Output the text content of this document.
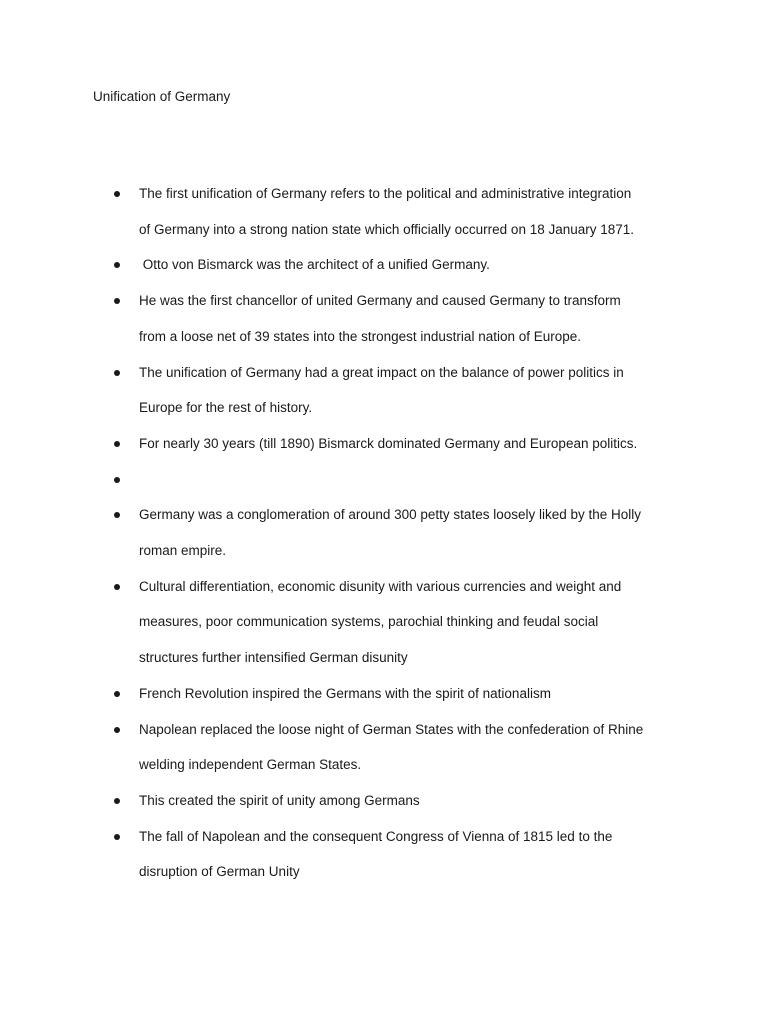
Unification of Germany
The first unification of Germany refers to the political and administrative integration
of Germany into a strong nation state which officially occurred on 18 January 1871.
Otto von Bismarck was the architect of a unified Germany.
He was the first chancellor of united Germany and caused Germany to transform
from a loose net of 39 states into the strongest industrial nation of Europe.
The unification of Germany had a great impact on the balance of power politics in
Europe for the rest of history.
For nearly 30 years (till 1890) Bismarck dominated Germany and European politics.

Germany was a conglomeration of around 300 petty states loosely liked by the Holly
roman empire.
Cultural differentiation, economic disunity with various currencies and weight and
measures, poor communication systems, parochial thinking and feudal social
structures further intensified German disunity
French Revolution inspired the Germans with the spirit of nationalism
Napolean replaced the loose night of German States with the confederation of Rhine
welding independent German States.
This created the spirit of unity among Germans
The fall of Napolean and the consequent Congress of Vienna of 1815 led to the
disruption of German Unity
